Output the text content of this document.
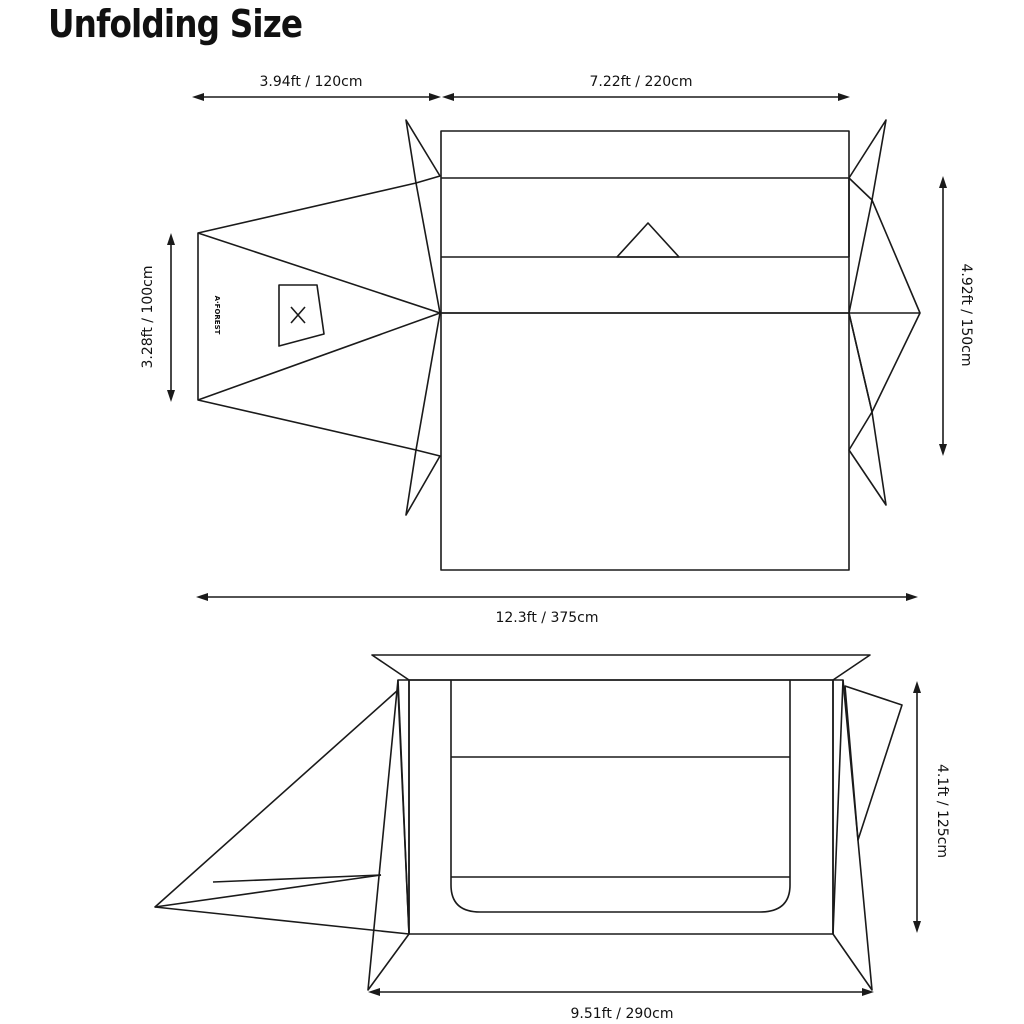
Unfolding Size
3.94ft / 120cm	7.22ft / 220cm
3.28ft / 100cm	4.92ft / 150cm
A·FOREST
12.3ft / 375cm
4.1ft / 125cm
9.51ft / 290cm
